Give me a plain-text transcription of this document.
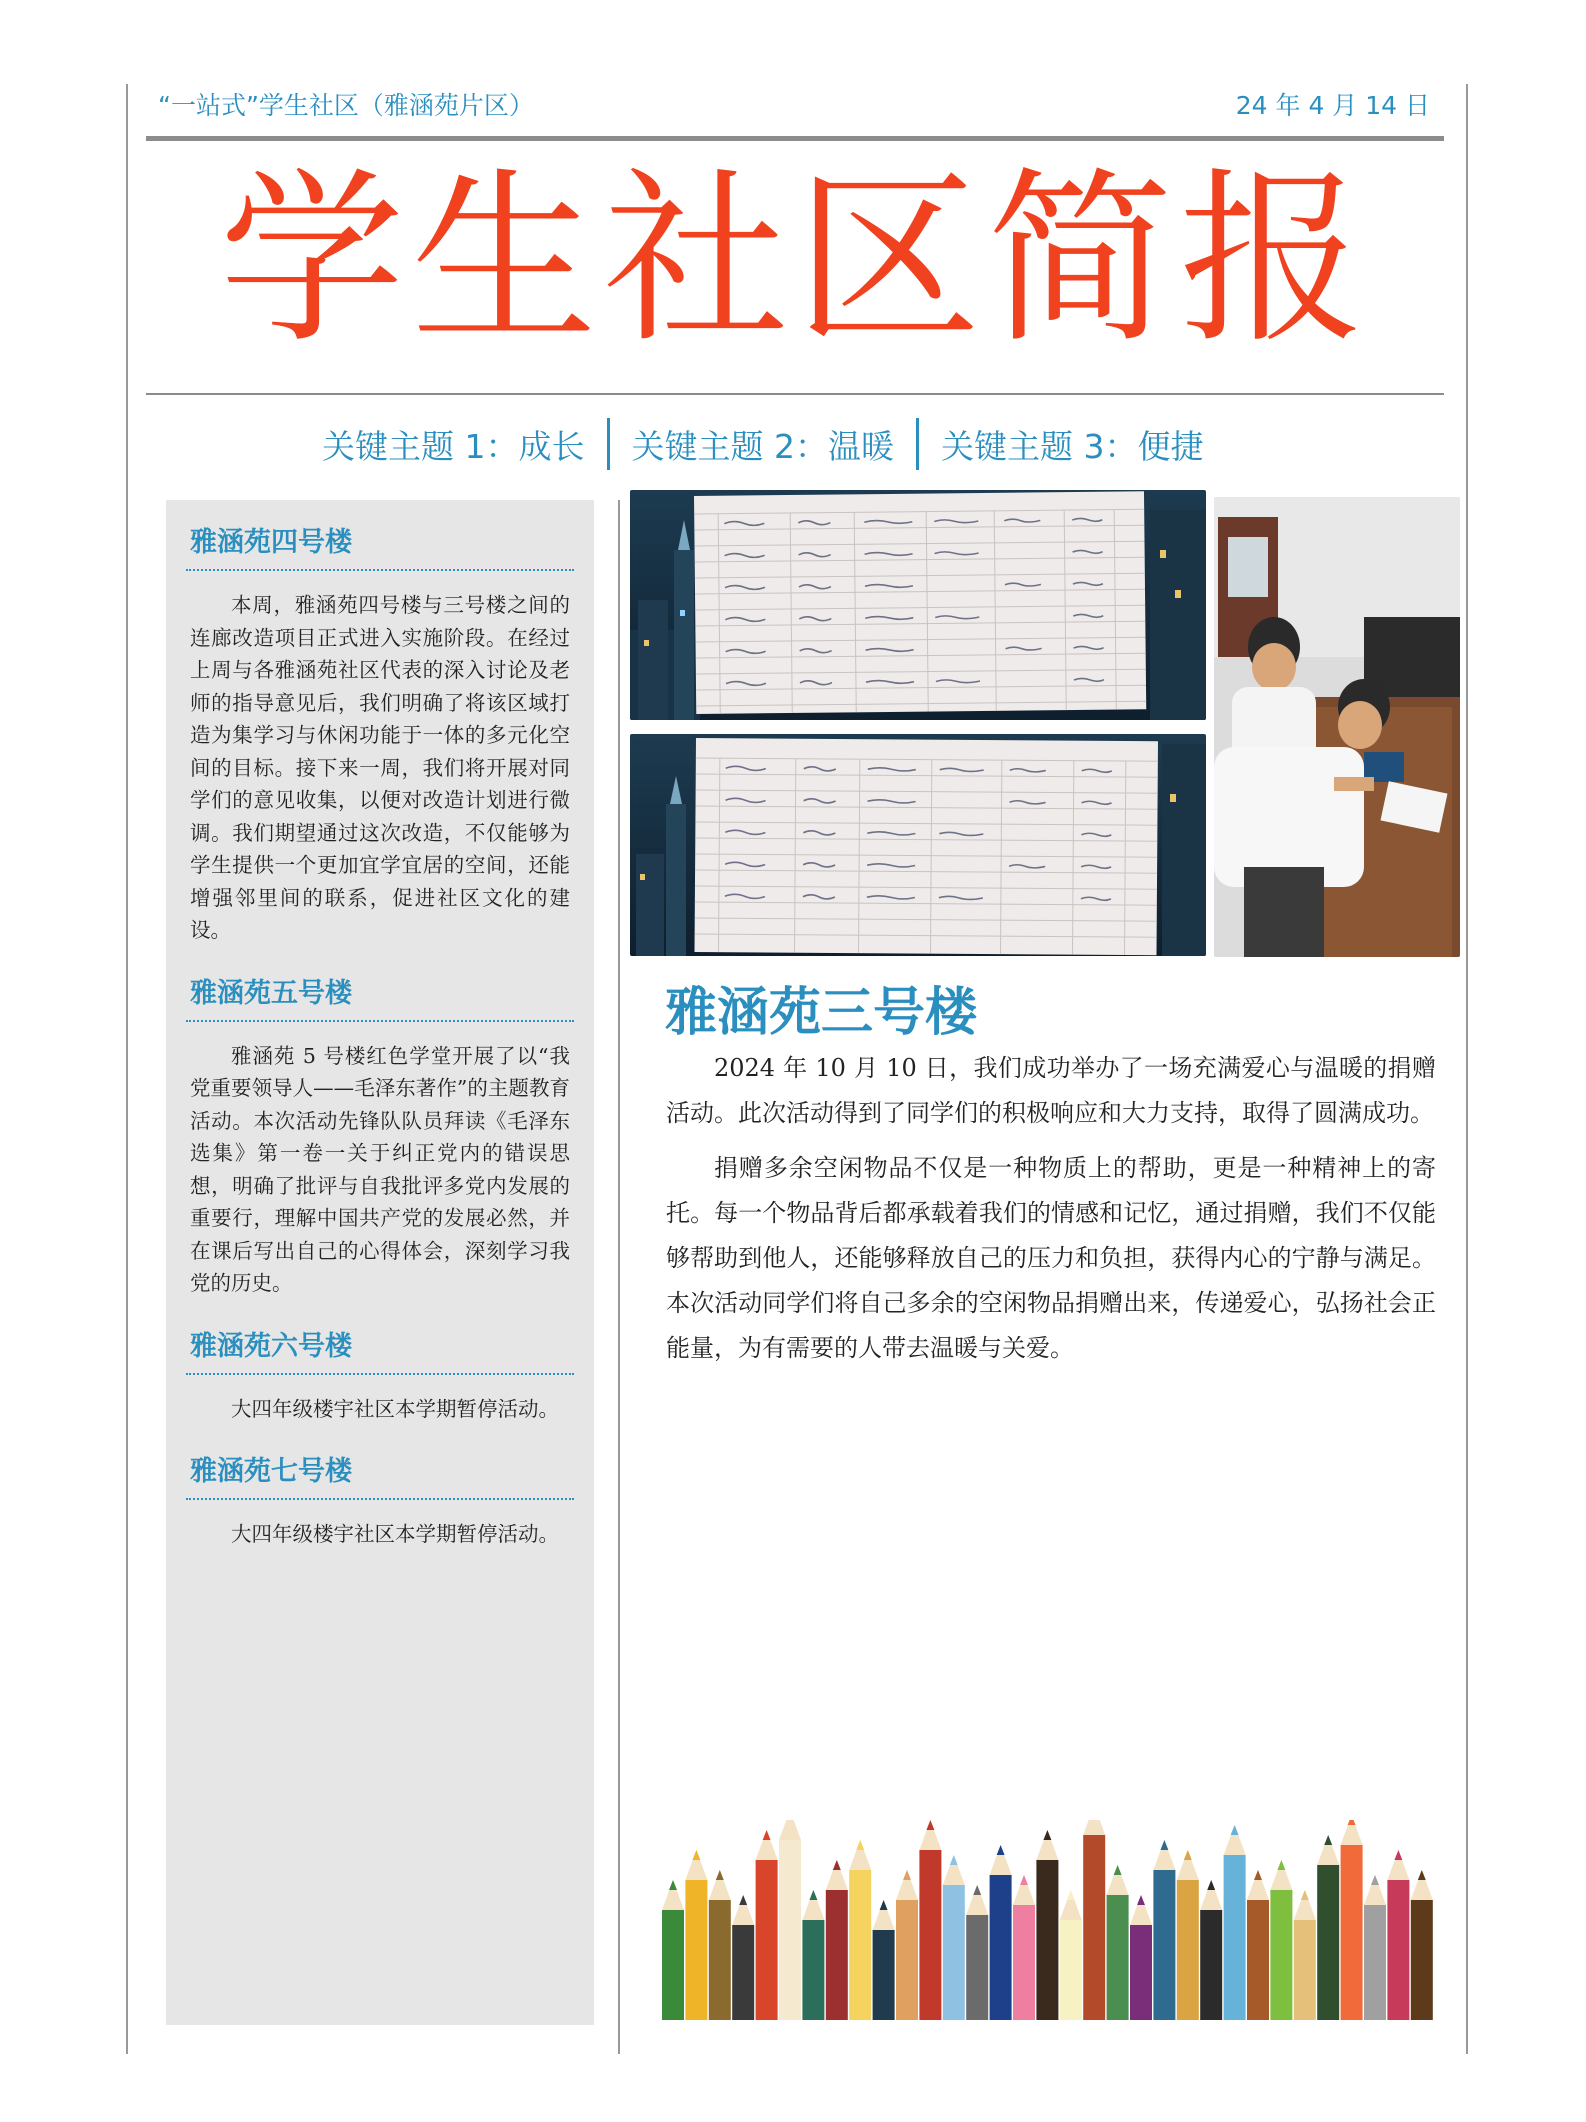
“一站式”学生社区（雅涵苑片区）	24 年 4 月 14 日
学生社区简报
关键主题 1：成长	关键主题 2：温暖	关键主题 3：便捷
雅涵苑四号楼
本周，雅涵苑四号楼与三号楼之间的连廊改造项目正式进入实施阶段。在经过上周与各雅涵苑社区代表的深入讨论及老师的指导意见后，我们明确了将该区域打造为集学习与休闲功能于一体的多元化空间的目标。接下来一周，我们将开展对同学们的意见收集，以便对改造计划进行微调。我们期望通过这次改造，不仅能够为学生提供一个更加宜学宜居的空间，还能增强邻里间的联系，促进社区文化的建设。
雅涵苑五号楼
雅涵苑 5 号楼红色学堂开展了以“我党重要领导人——毛泽东著作”的主题教育活动。本次活动先锋队队员拜读《毛泽东选集》第一卷一关于纠正党内的错误思想，明确了批评与自我批评多党内发展的重要行，理解中国共产党的发展必然，并在课后写出自己的心得体会，深刻学习我党的历史。
雅涵苑六号楼
大四年级楼宇社区本学期暂停活动。
雅涵苑七号楼
大四年级楼宇社区本学期暂停活动。
雅涵苑三号楼

2024 年 10 月 10 日，我们成功举办了一场充满爱心与温暖的捐赠活动。此次活动得到了同学们的积极响应和大力支持，取得了圆满成功。

捐赠多余空闲物品不仅是一种物质上的帮助，更是一种精神上的寄托。每一个物品背后都承载着我们的情感和记忆，通过捐赠，我们不仅能够帮助到他人，还能够释放自己的压力和负担，获得内心的宁静与满足。本次活动同学们将自己多余的空闲物品捐赠出来，传递爱心，弘扬社会正能量，为有需要的人带去温暖与关爱。
